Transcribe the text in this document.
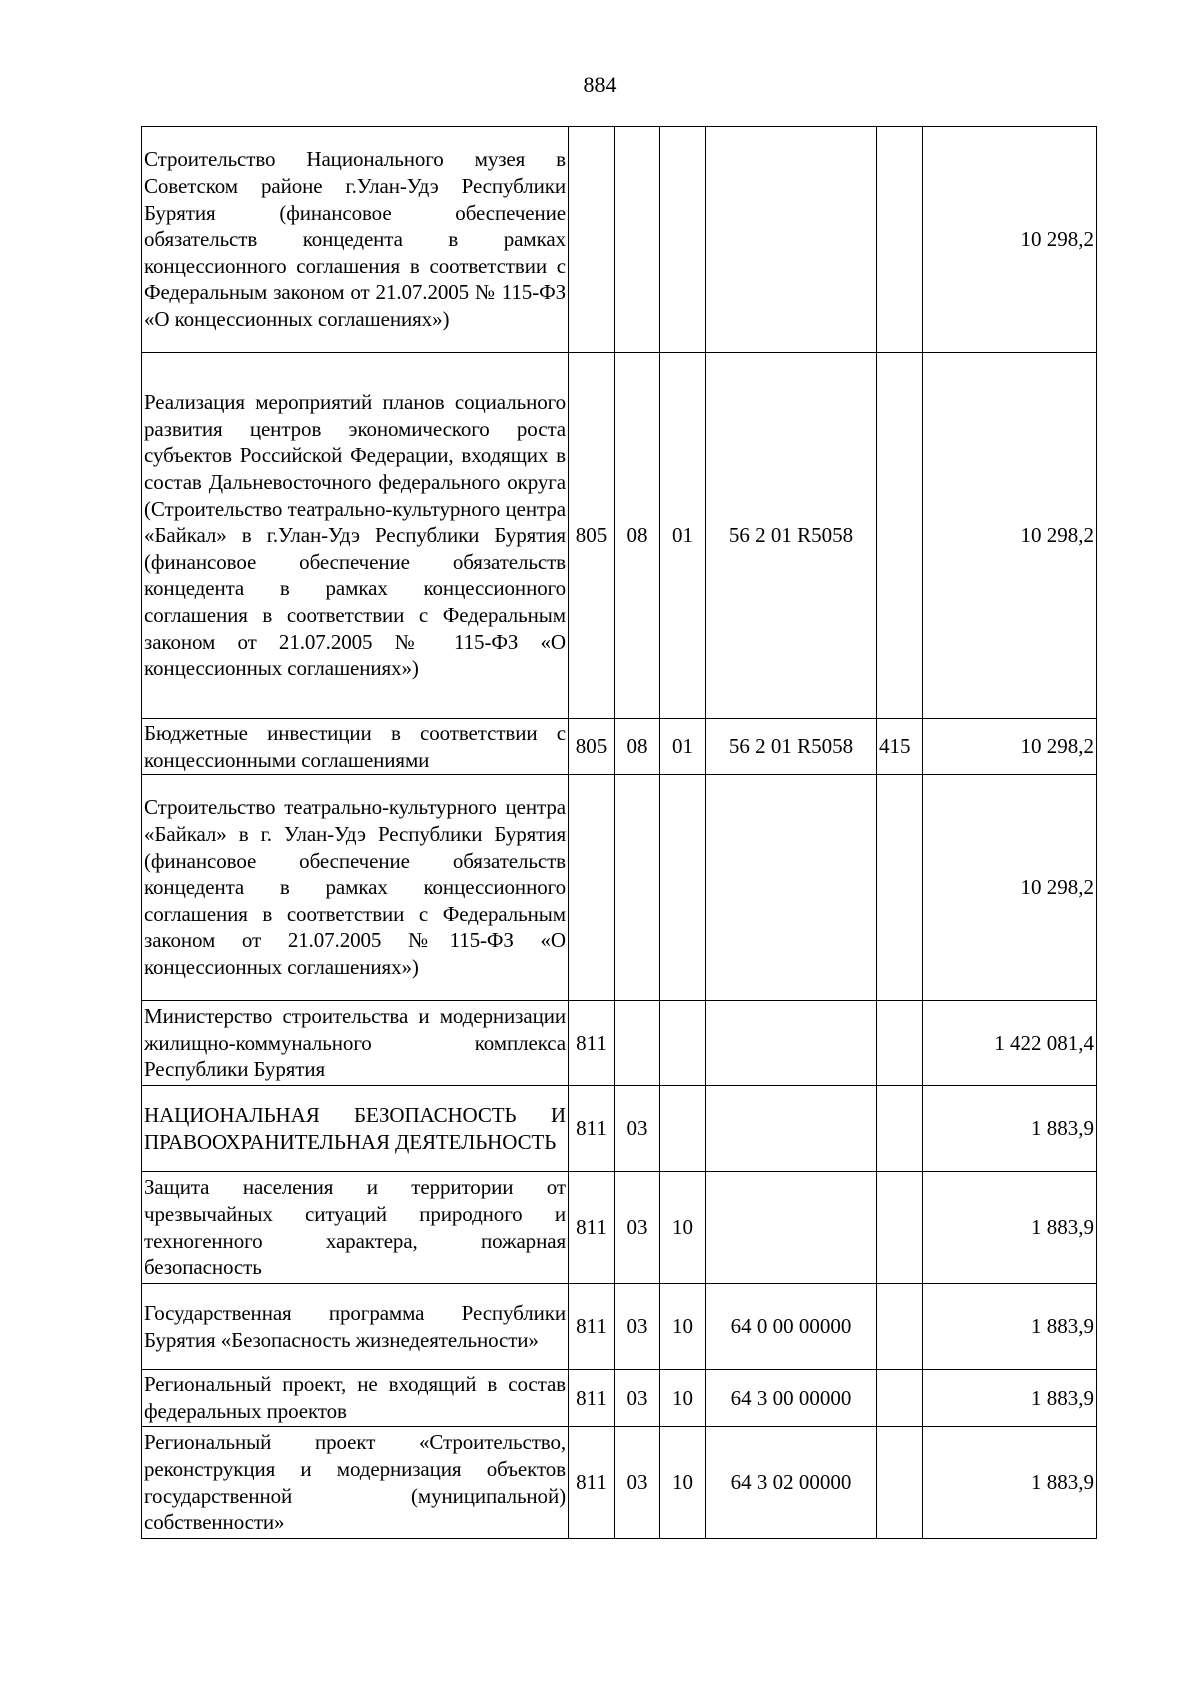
884
Строительство Национального музея в Советском районе г.Улан-Удэ Республики Бурятия (финансовое обеспечение обязательств концедента в рамках концессионного соглашения в соответствии с Федеральным законом от 21.07.2005 № 115-ФЗ «О концессионных соглашениях»)						10 298,2
Реализация мероприятий планов социального развития центров экономического роста субъектов Российской Федерации, входящих в состав Дальневосточного федерального округа (Строительство театрально-культурного центра «Байкал» в г.Улан-Удэ Республики Бурятия (финансовое обеспечение обязательств концедента в рамках концессионного соглашения в соответствии с Федеральным законом от 21.07.2005 № 115-ФЗ «О концессионных соглашениях»)	805	08	01	56 2 01 R5058		10 298,2
Бюджетные инвестиции в соответствии с концессионными соглашениями	805	08	01	56 2 01 R5058	415	10 298,2
Строительство театрально-культурного центра «Байкал» в г. Улан-Удэ Республики Бурятия (финансовое обеспечение обязательств концедента в рамках концессионного соглашения в соответствии с Федеральным законом от 21.07.2005 №115-ФЗ «О концессионных соглашениях»)						10 298,2
Министерство строительства и модернизации жилищно-коммунального комплекса Республики Бурятия	811					1 422 081,4
НАЦИОНАЛЬНАЯ БЕЗОПАСНОСТЬ И ПРАВООХРАНИТЕЛЬНАЯ ДЕЯТЕЛЬНОСТЬ	811	03				1 883,9
Защита населения и территории от чрезвычайных ситуаций природного и техногенного характера, пожарная безопасность	811	03	10			1 883,9
Государственная программа Республики Бурятия «Безопасность жизнедеятельности»	811	03	10	64 0 00 00000		1 883,9
Региональный проект, не входящий в состав федеральных проектов	811	03	10	64 3 00 00000		1 883,9
Региональный проект «Строительство, реконструкция и модернизация объектов государственной (муниципальной) собственности»	811	03	10	64 3 02 00000		1 883,9
